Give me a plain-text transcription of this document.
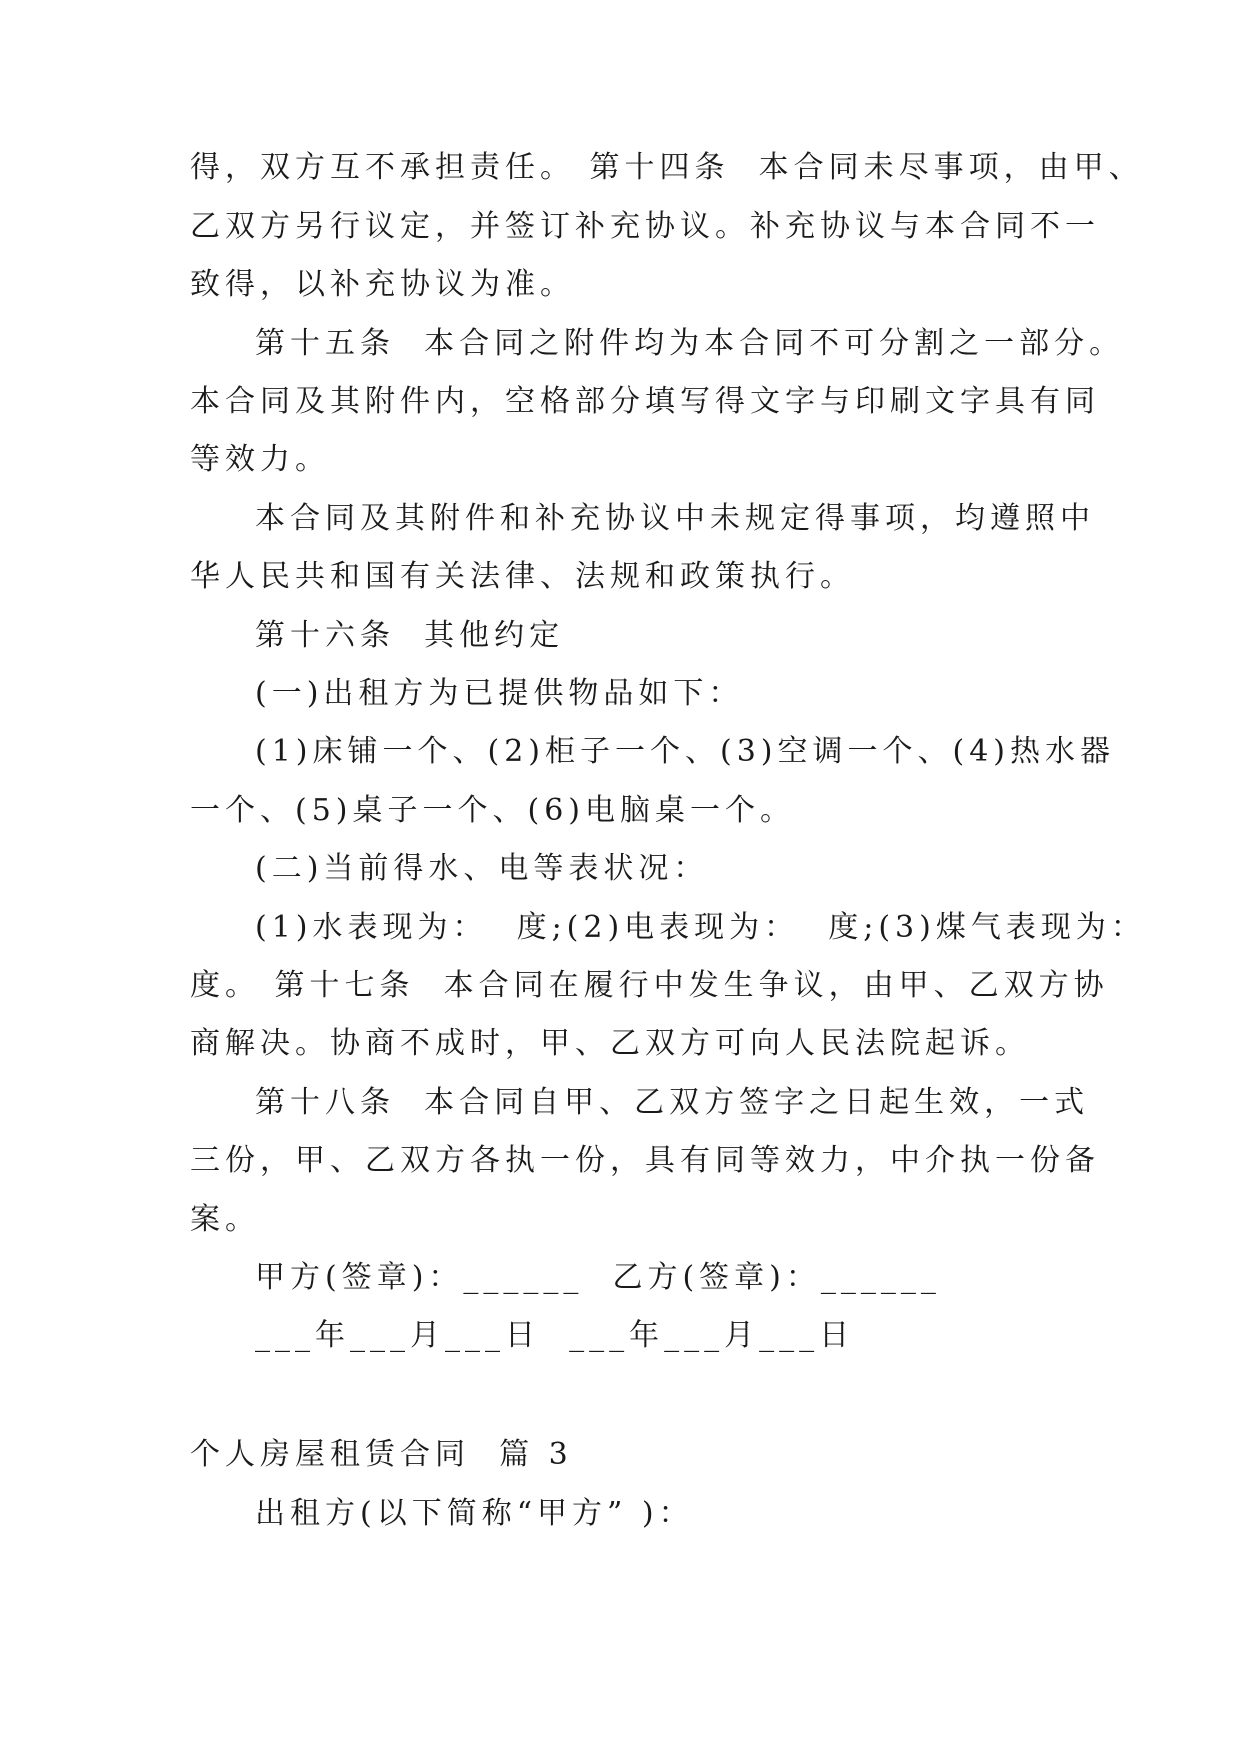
得，双方互不承担责任。 第十四条  本合同未尽事项，由甲、

乙双方另行议定，并签订补充协议。补充协议与本合同不一

致得，以补充协议为准。

第十五条  本合同之附件均为本合同不可分割之一部分。

本合同及其附件内，空格部分填写得文字与印刷文字具有同

等效力。

本合同及其附件和补充协议中未规定得事项，均遵照中

华人民共和国有关法律、法规和政策执行。

第十六条  其他约定

(一)出租方为已提供物品如下：

(1)床铺一个、(2)柜子一个、(3)空调一个、(4)热水器

一个、(5)桌子一个、(6)电脑桌一个。

(二)当前得水、电等表状况：

(1)水表现为：  度;(2)电表现为：  度;(3)煤气表现为：

度。 第十七条  本合同在履行中发生争议，由甲、乙双方协

商解决。协商不成时，甲、乙双方可向人民法院起诉。

第十八条  本合同自甲、乙双方签字之日起生效，一式

三份，甲、乙双方各执一份，具有同等效力，中介执一份备

案。

甲方(签章)：______  乙方(签章)：______

___年___月___日  ___年___月___日

个人房屋租赁合同  篇 3

出租方(以下简称“甲方” )：
